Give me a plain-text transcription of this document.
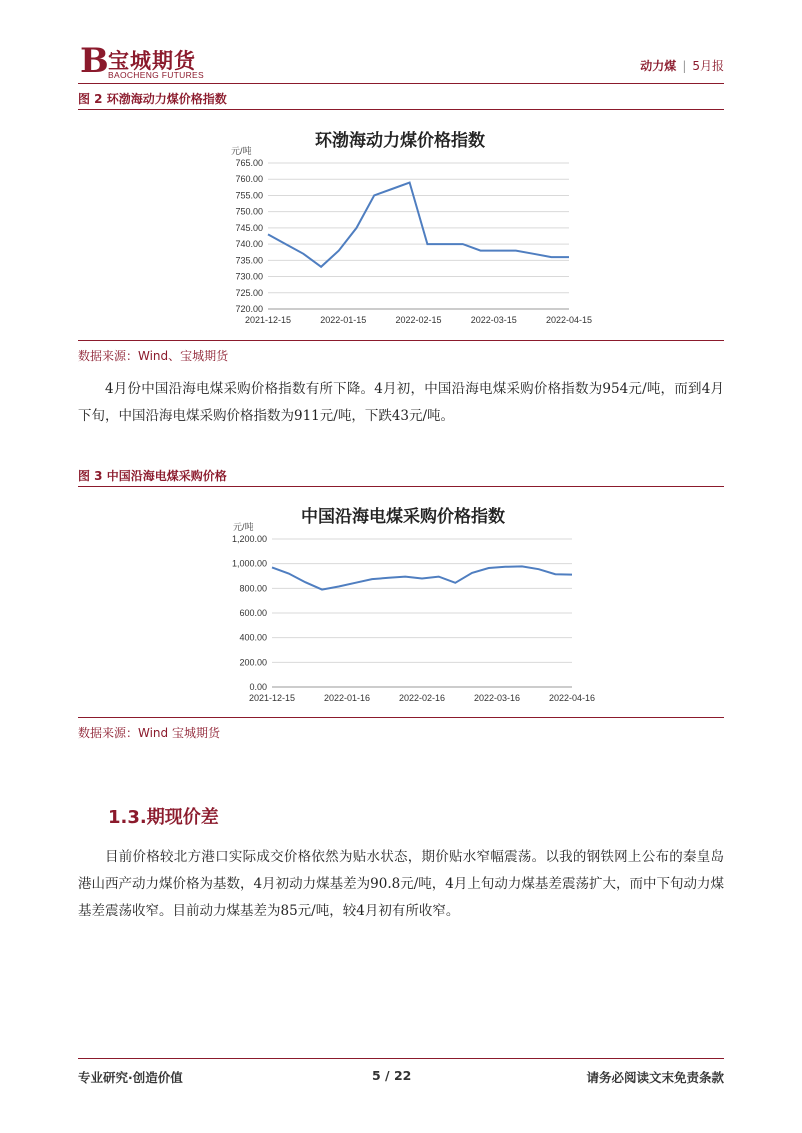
B 宝城期货
BAOCHENG FUTURES
动力煤 | 5月报
图 2 环渤海动力煤价格指数
环渤海动力煤价格指数
元/吨
720.00
725.00
730.00
735.00
740.00
745.00
750.00
755.00
760.00
765.00
2021-12-15	2022-01-15	2022-02-15	2022-03-15	2022-04-15
数据来源：Wind、宝城期货

4月份中国沿海电煤采购价格指数有所下降。4月初，中国沿海电煤采购价格指数为954元/吨，而到4月下旬，中国沿海电煤采购价格指数为911元/吨，下跌43元/吨。

图 3 中国沿海电煤采购价格
中国沿海电煤采购价格指数
元/吨
0.00
200.00
400.00
600.00
800.00
1,000.00
1,200.00
2021-12-15	2022-01-16	2022-02-16	2022-03-16	2022-04-16
数据来源：Wind 宝城期货
1.3.期现价差

目前价格较北方港口实际成交价格依然为贴水状态，期价贴水窄幅震荡。以我的钢铁网上公布的秦皇岛港山西产动力煤价格为基数，4月初动力煤基差为90.8元/吨，4月上旬动力煤基差震荡扩大，而中下旬动力煤基差震荡收窄。目前动力煤基差为85元/吨，较4月初有所收窄。

专业研究·创造价值	5 / 22	请务必阅读文末免责条款
